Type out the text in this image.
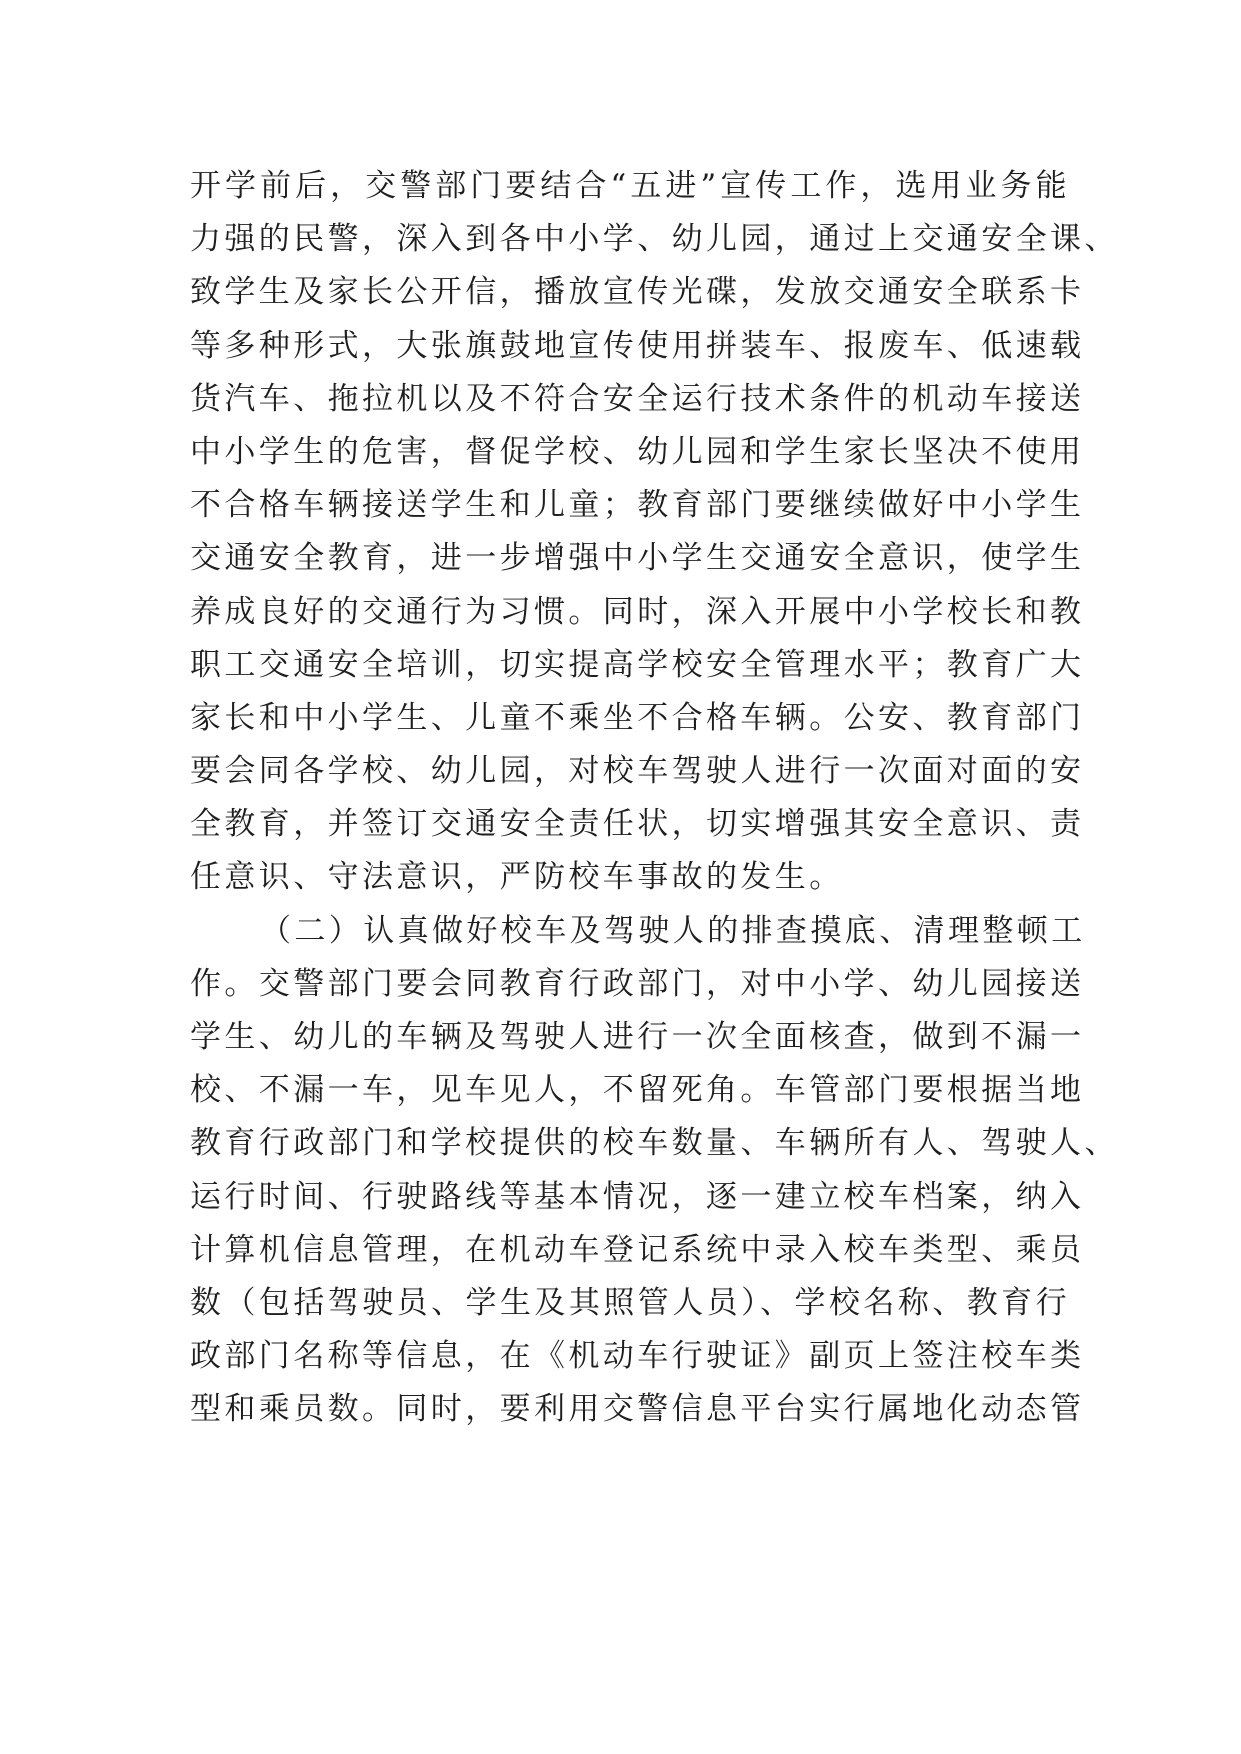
开学前后，交警部门要结合“五进”宣传工作，选用业务能
力强的民警，深入到各中小学、幼儿园，通过上交通安全课、
致学生及家长公开信，播放宣传光碟，发放交通安全联系卡
等多种形式，大张旗鼓地宣传使用拼装车、报废车、低速载
货汽车、拖拉机以及不符合安全运行技术条件的机动车接送
中小学生的危害，督促学校、幼儿园和学生家长坚决不使用
不合格车辆接送学生和儿童；教育部门要继续做好中小学生
交通安全教育，进一步增强中小学生交通安全意识，使学生
养成良好的交通行为习惯。同时，深入开展中小学校长和教
职工交通安全培训，切实提高学校安全管理水平；教育广大
家长和中小学生、儿童不乘坐不合格车辆。公安、教育部门
要会同各学校、幼儿园，对校车驾驶人进行一次面对面的安
全教育，并签订交通安全责任状，切实增强其安全意识、责
任意识、守法意识，严防校车事故的发生。
（二）认真做好校车及驾驶人的排查摸底、清理整顿工
作。交警部门要会同教育行政部门，对中小学、幼儿园接送
学生、幼儿的车辆及驾驶人进行一次全面核查，做到不漏一
校、不漏一车，见车见人，不留死角。车管部门要根据当地
教育行政部门和学校提供的校车数量、车辆所有人、驾驶人、
运行时间、行驶路线等基本情况，逐一建立校车档案，纳入
计算机信息管理，在机动车登记系统中录入校车类型、乘员
数（包括驾驶员、学生及其照管人员）、学校名称、教育行
政部门名称等信息，在《机动车行驶证》副页上签注校车类
型和乘员数。同时，要利用交警信息平台实行属地化动态管
